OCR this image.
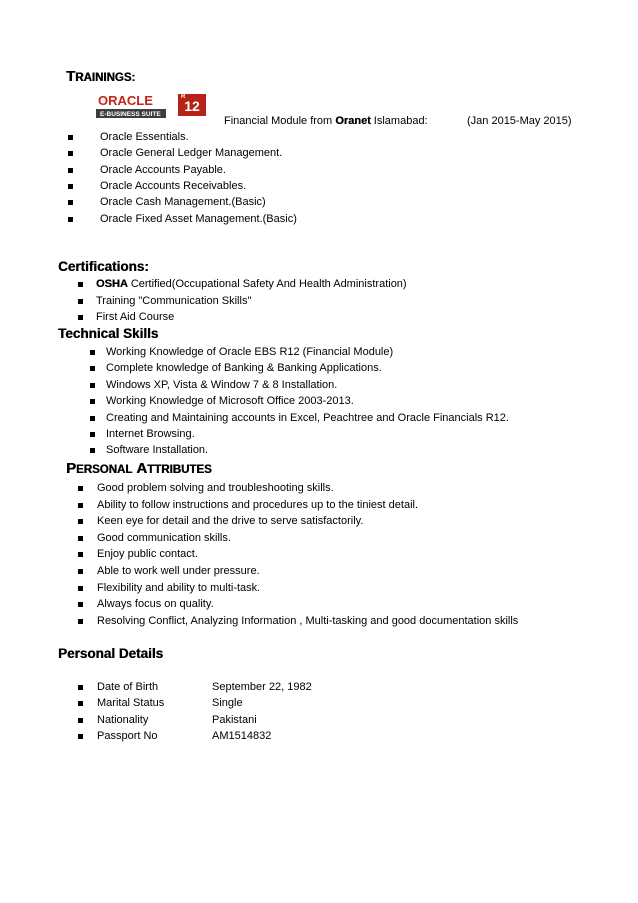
TRAININGS:
ORACLE
E-BUSINESS SUITE
R
12
Financial Module from Oranet Islamabad:	(Jan 2015-May 2015)
Oracle Essentials.
Oracle General Ledger Management.
Oracle Accounts Payable.
Oracle Accounts Receivables.
Oracle Cash Management.(Basic)
Oracle Fixed Asset Management.(Basic)
Certifications:
OSHA Certified(Occupational Safety And Health Administration)
Training "Communication Skills"
First Aid Course
Technical Skills
Working Knowledge of Oracle EBS R12 (Financial Module)
Complete knowledge of Banking & Banking Applications.
Windows XP, Vista & Window 7 & 8 Installation.
Working Knowledge of Microsoft Office 2003-2013.
Creating and Maintaining accounts in Excel, Peachtree and Oracle Financials R12.
Internet Browsing.
Software Installation.
PERSONAL ATTRIBUTES
Good problem solving and troubleshooting skills.
Ability to follow instructions and procedures up to the tiniest detail.
Keen eye for detail and the drive to serve satisfactorily.
Good communication skills.
Enjoy public contact.
Able to work well under pressure.
Flexibility and ability to multi-task.
Always focus on quality.
Resolving Conflict, Analyzing Information , Multi-tasking and good documentation skills
Personal Details
Date of Birth	September 22, 1982
Marital Status	Single
Nationality	Pakistani
Passport No	AM1514832
